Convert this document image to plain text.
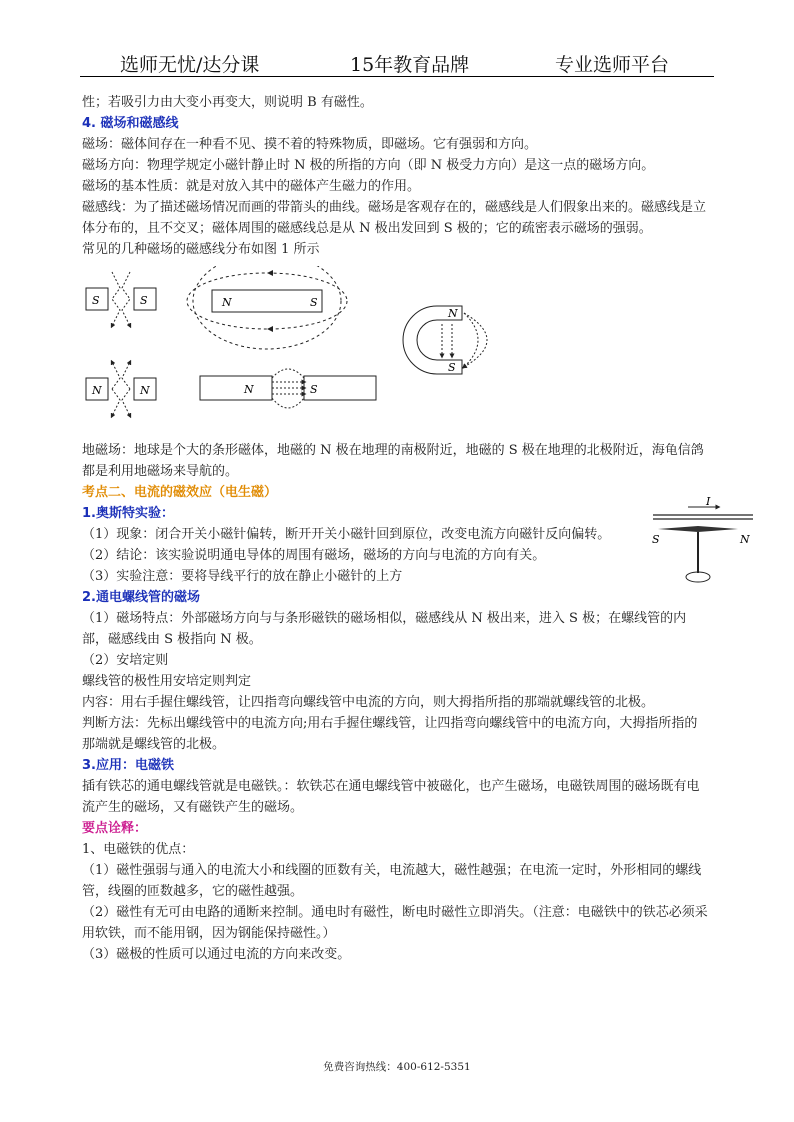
选师无忧/达分课	15年教育品牌	专业选师平台

性；若吸引力由大变小再变大，则说明 B 有磁性。

4. 磁场和磁感线

磁场：磁体间存在一种看不见、摸不着的特殊物质，即磁场。它有强弱和方向。

磁场方向：物理学规定小磁针静止时 N 极的所指的方向（即 N 极受力方向）是这一点的磁场方向。

磁场的基本性质：就是对放入其中的磁体产生磁力的作用。

磁感线：为了描述磁场情况而画的带箭头的曲线。磁场是客观存在的，磁感线是人们假象出来的。磁感线是立体分布的，且不交叉；磁体周围的磁感线总是从 N 极出发回到 S 极的；它的疏密表示磁场的强弱。

常见的几种磁场的磁感线分布如图 1 所示

S	S
N	N
N	S
N	S
N
S

地磁场：地球是个大的条形磁体，地磁的 N 极在地理的南极附近，地磁的 S 极在地理的北极附近，海龟信鸽都是利用地磁场来导航的。

考点二、电流的磁效应（电生磁）

1.奥斯特实验：

（1）现象：闭合开关小磁针偏转，断开开关小磁针回到原位，改变电流方向磁针反向偏转。

I
S	N

（2）结论：该实验说明通电导体的周围有磁场，磁场的方向与电流的方向有关。

（3）实验注意：要将导线平行的放在静止小磁针的上方

2.通电螺线管的磁场

（1）磁场特点：外部磁场方向与与条形磁铁的磁场相似，磁感线从 N 极出来，进入 S 极；在螺线管的内部，磁感线由 S 极指向 N 极。

（2）安培定则

螺线管的极性用安培定则判定

内容：用右手握住螺线管，让四指弯向螺线管中电流的方向，则大拇指所指的那端就螺线管的北极。

判断方法：先标出螺线管中的电流方向;用右手握住螺线管，让四指弯向螺线管中的电流方向，大拇指所指的那端就是螺线管的北极。

3.应用：电磁铁

插有铁芯的通电螺线管就是电磁铁。：软铁芯在通电螺线管中被磁化，也产生磁场，电磁铁周围的磁场既有电流产生的磁场，又有磁铁产生的磁场。

要点诠释：

1、电磁铁的优点：

（1）磁性强弱与通入的电流大小和线圈的匝数有关，电流越大，磁性越强；在电流一定时，外形相同的螺线管，线圈的匝数越多，它的磁性越强。

（2）磁性有无可由电路的通断来控制。通电时有磁性，断电时磁性立即消失。（注意：电磁铁中的铁芯必须采用软铁，而不能用钢，因为钢能保持磁性。）

（3）磁极的性质可以通过电流的方向来改变。

免费咨询热线：400-612-5351
